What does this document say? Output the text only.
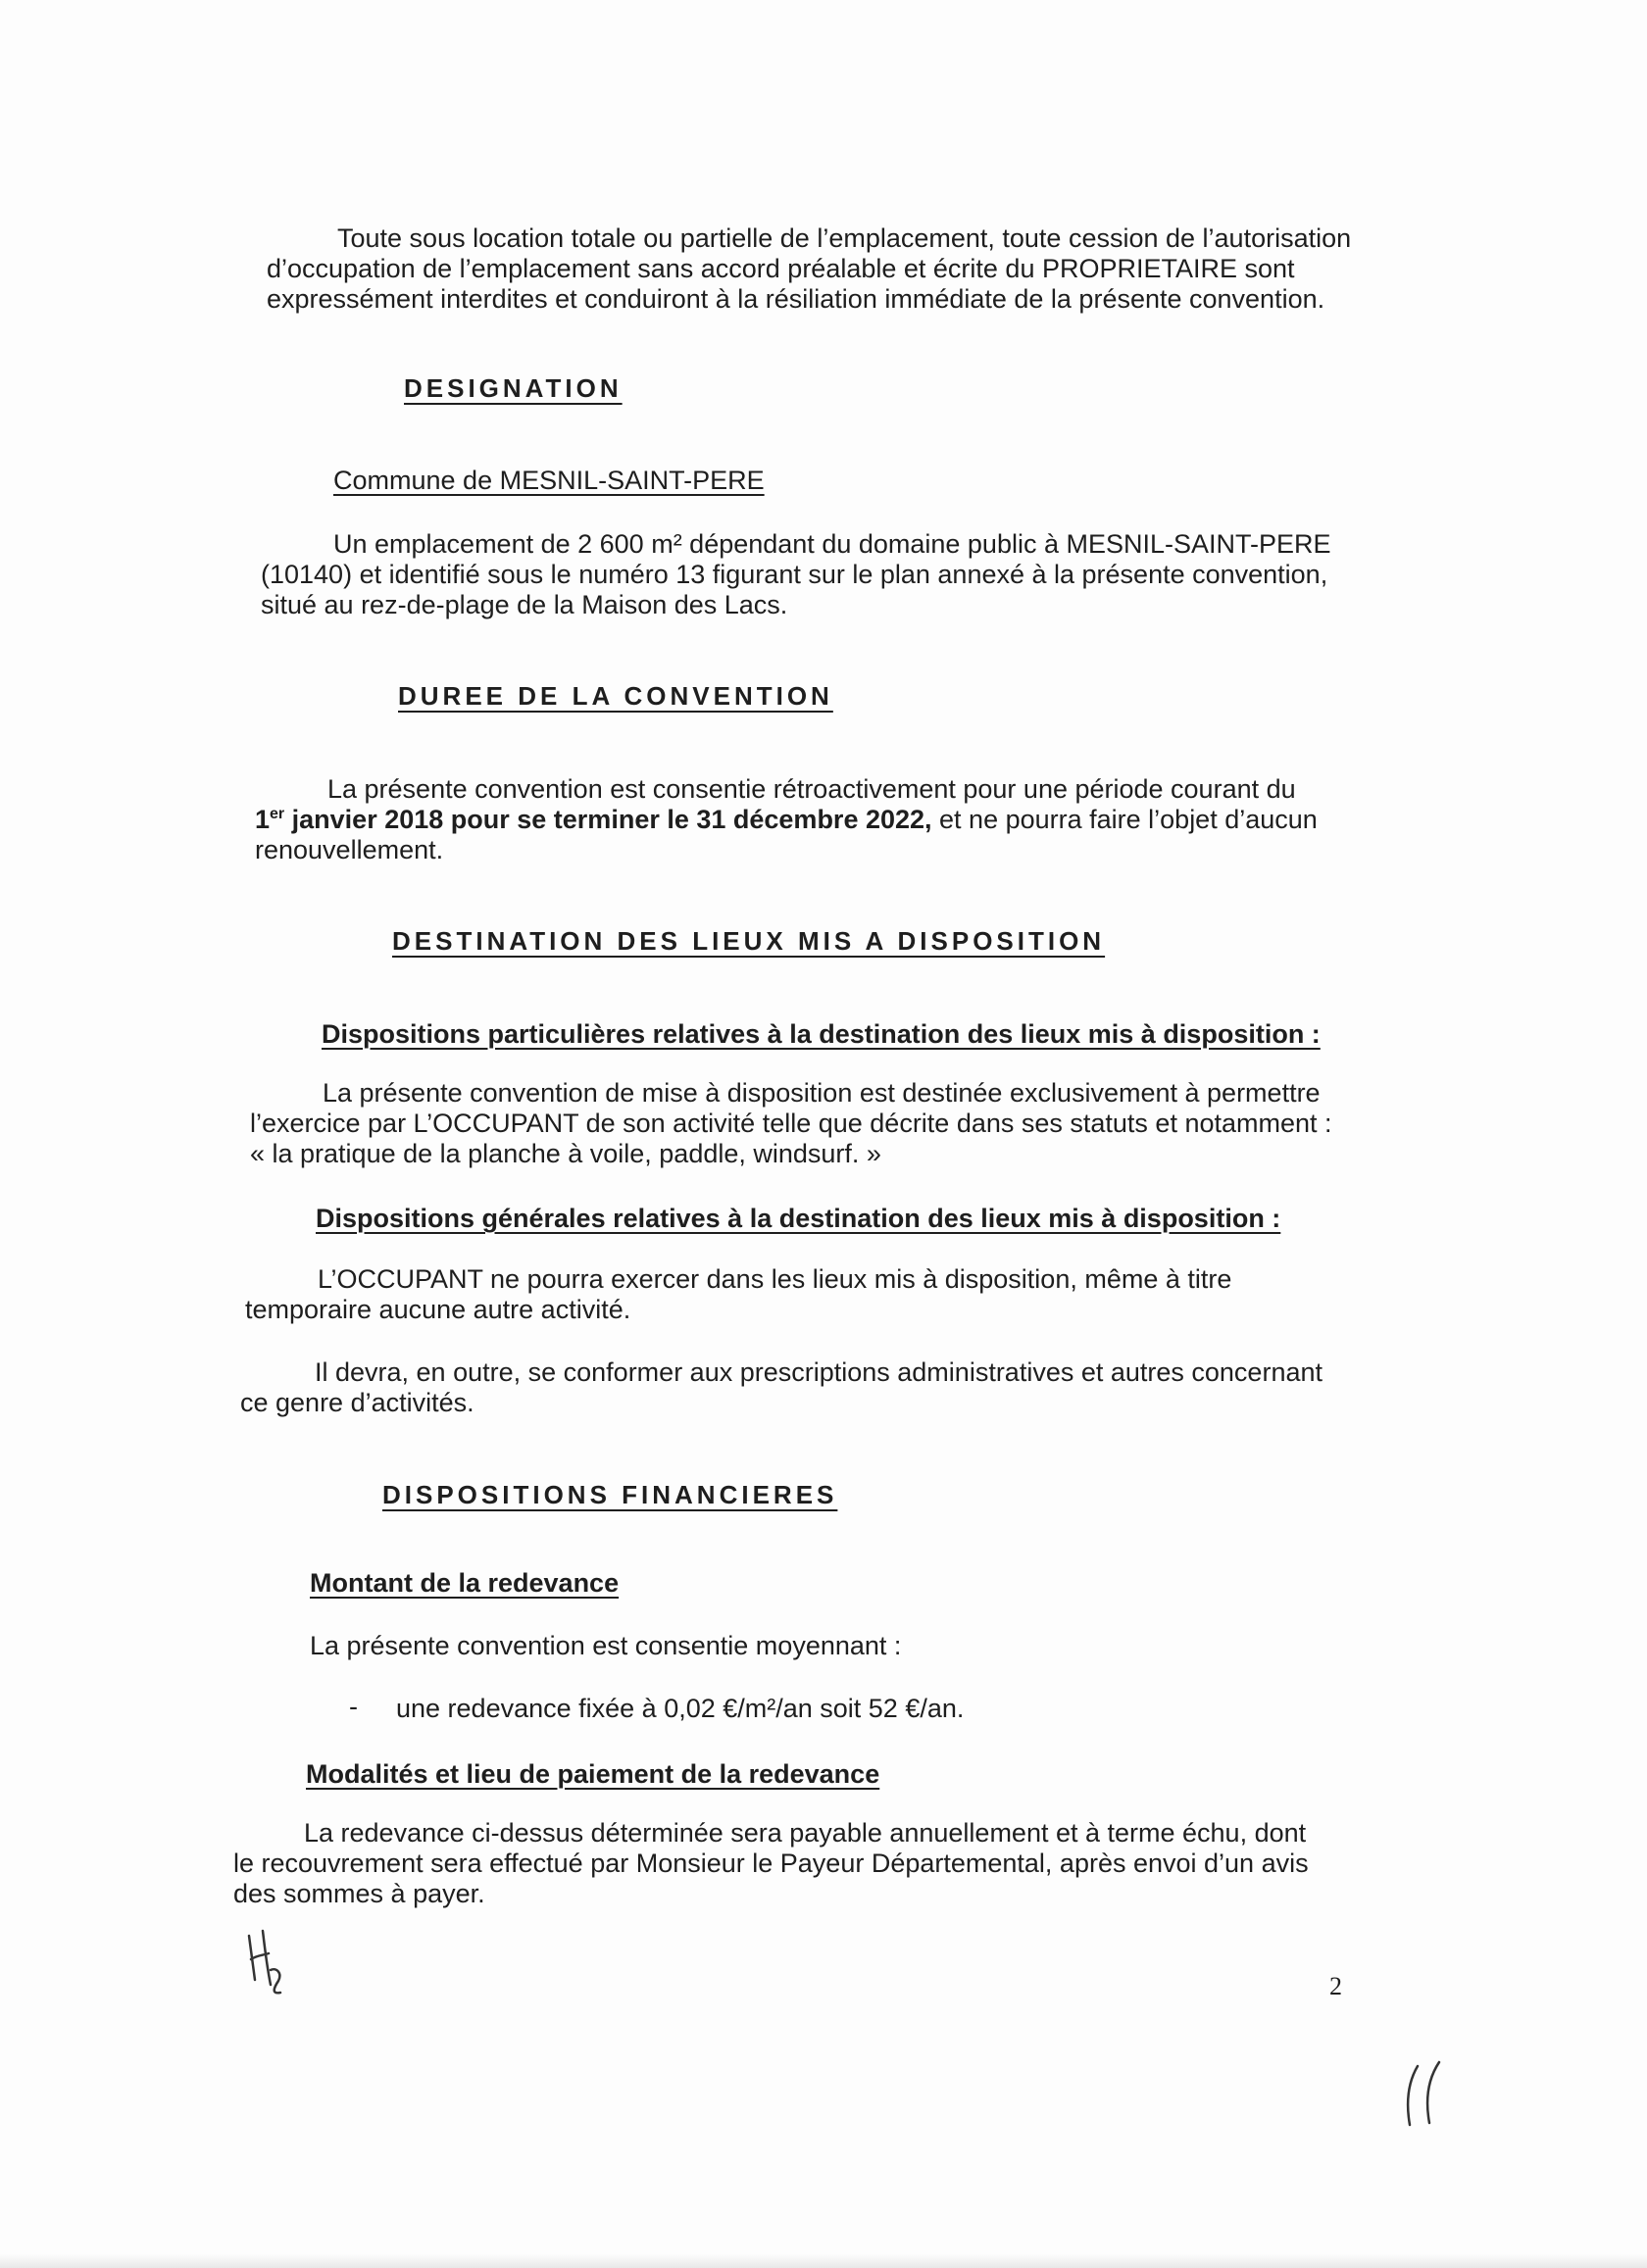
Toute sous location totale ou partielle de l’emplacement, toute cession de l’autorisation
d’occupation de l’emplacement sans accord préalable et écrite du PROPRIETAIRE sont
expressément interdites et conduiront à la résiliation immédiate de la présente convention.
DESIGNATION
Commune de MESNIL-SAINT-PERE
Un emplacement de 2 600 m² dépendant du domaine public à MESNIL-SAINT-PERE
(10140) et identifié sous le numéro 13 figurant sur le plan annexé à la présente convention,
situé au rez-de-plage de la Maison des Lacs.
DUREE DE LA CONVENTION
La présente convention est consentie rétroactivement pour une période courant du
1er janvier 2018 pour se terminer le 31 décembre 2022, et ne pourra faire l’objet d’aucun
renouvellement.
DESTINATION DES LIEUX MIS A DISPOSITION
Dispositions particulières relatives à la destination des lieux mis à disposition :
La présente convention de mise à disposition est destinée exclusivement à permettre
l’exercice par L’OCCUPANT de son activité telle que décrite dans ses statuts et notamment :
« la pratique de la planche à voile, paddle, windsurf. »
Dispositions générales relatives à la destination des lieux mis à disposition :
L’OCCUPANT ne pourra exercer dans les lieux mis à disposition, même à titre
temporaire aucune autre activité.
Il devra, en outre, se conformer aux prescriptions administratives et autres concernant
ce genre d’activités.
DISPOSITIONS FINANCIERES
Montant de la redevance
La présente convention est consentie moyennant :
- une redevance fixée à 0,02 €/m²/an soit 52 €/an.
Modalités et lieu de paiement de la redevance
La redevance ci-dessus déterminée sera payable annuellement et à terme échu, dont
le recouvrement sera effectué par Monsieur le Payeur Départemental, après envoi d’un avis
des sommes à payer.
2
